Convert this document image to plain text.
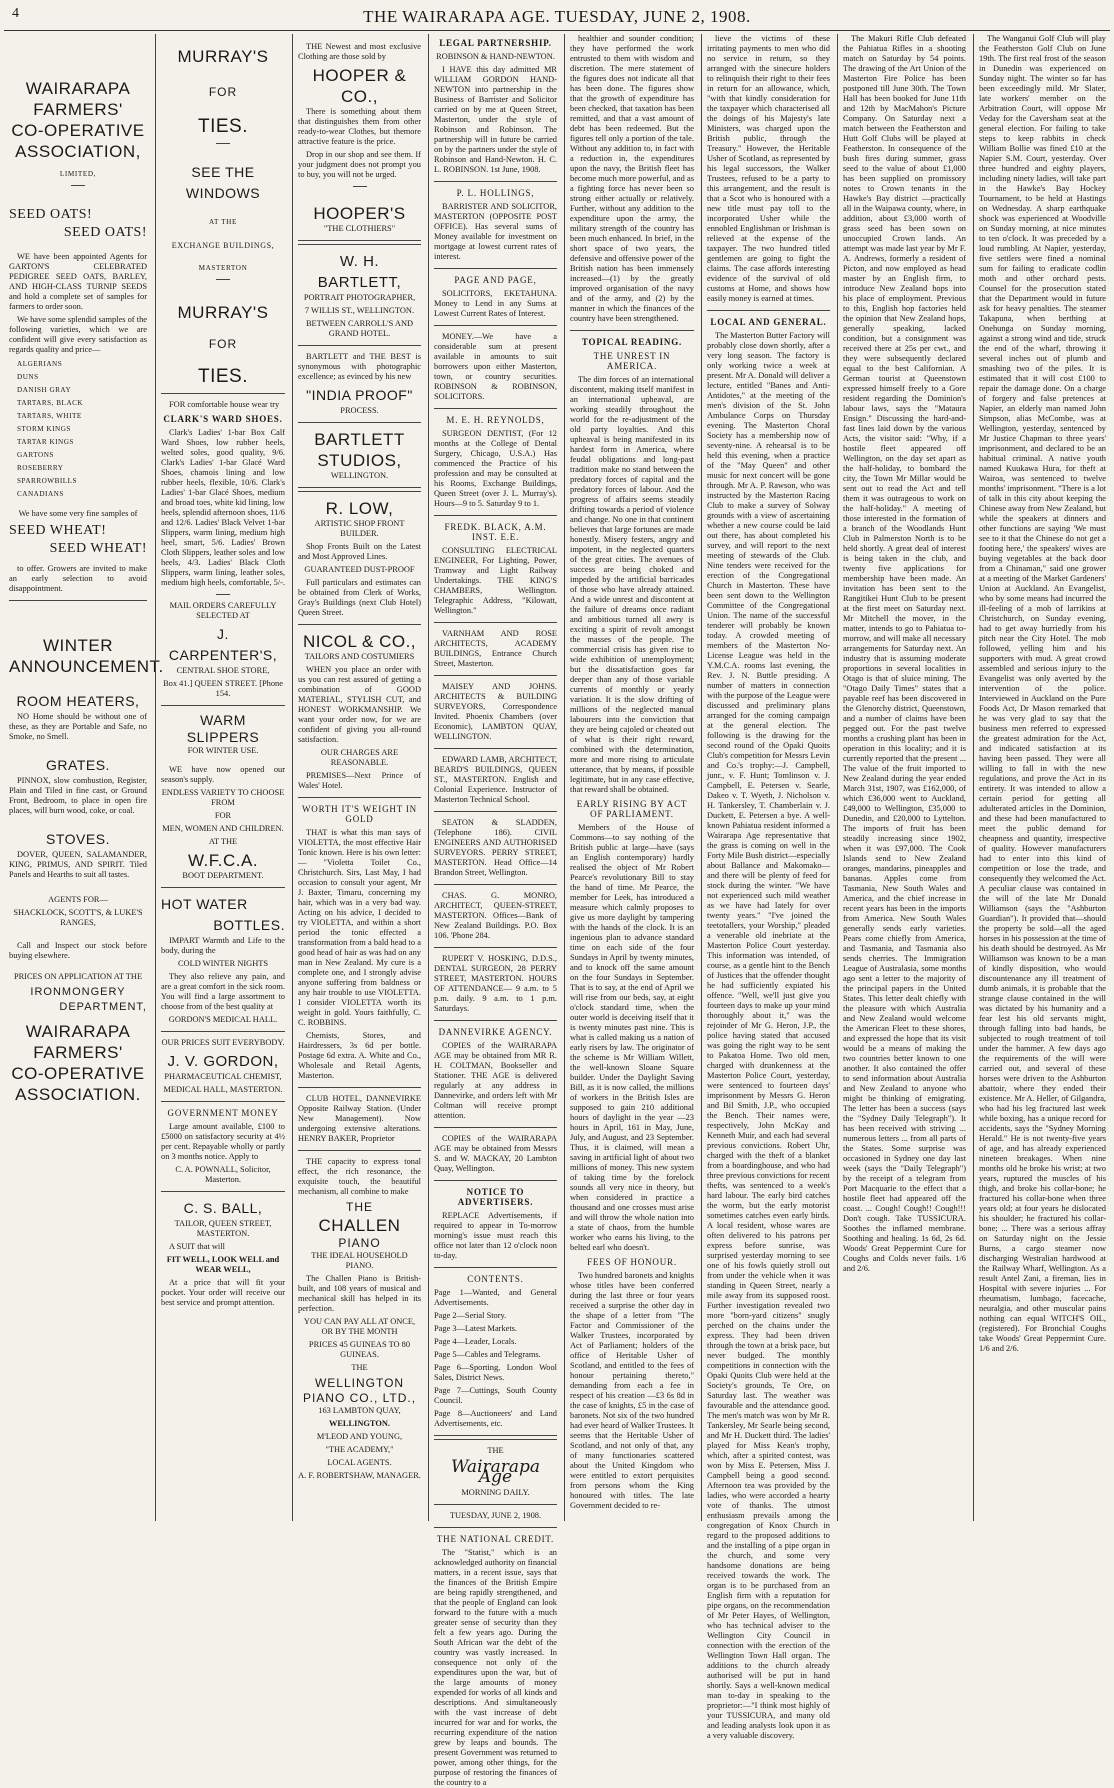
4	THE WAIRARAPA AGE. TUESDAY, JUNE 2, 1908.
WAIRARAPA
FARMERS'
CO-OPERATIVE
ASSOCIATION,
LIMITED,
SEED OATS!
SEED OATS!

WE have been appointed Agents for GARTON'S CELEBRATED PEDIGREE SEED OATS, BARLEY, AND HIGH-CLASS TURNIP SEEDS and hold a complete set of samples for farmers to order soon.

We have some splendid samples of the following varieties, which we are confident will give every satisfaction as regards quality and price—

ALGERIANS
DUNS
DANISH GRAY
TARTARS, BLACK
TARTARS, WHITE
STORM KINGS
TARTAR KINGS
GARTONS
ROSEBERRY
SPARROWBILLS
CANADIANS

We have some very fine samples of

SEED WHEAT!
SEED WHEAT!

to offer. Growers are invited to make an early selection to avoid disappointment.

WINTER
ANNOUNCEMENT.
ROOM HEATERS,

NO Home should be without one of these, as they are Portable and Safe, no Smoke, no Smell.

GRATES.

PINNOX, slow combustion, Register, Plain and Tiled in fine cast, or Ground Front, Bedroom, to place in open fire places, will burn wood, coke, or coal.

STOVES.

DOVER, QUEEN, SALAMANDER, KING, PRIMUS, AND SPIRIT. Tiled Panels and Hearths to suit all tastes.

AGENTS FOR—

SHACKLOCK, SCOTT'S, & LUKE'S RANGES,

Call and Inspect our stock before buying elsewhere.

PRICES ON APPLICATION AT THE

IRONMONGERY
DEPARTMENT,
WAIRARAPA
FARMERS'
CO-OPERATIVE
ASSOCIATION.
MURRAY'S
FOR
TIES.
SEE THE WINDOWS
AT THE
EXCHANGE BUILDINGS,
MASTERTON
MURRAY'S
FOR
TIES.

FOR comfortable house wear try

CLARK'S WARD SHOES.

Clark's Ladies' 1-bar Box Calf Ward Shoes, low rubber heels, welted soles, good quality, 9/6. Clark's Ladies' 1-bar Glacé Ward Shoes, chamois lining and low rubber heels, flexible, 10/6. Clark's Ladies' 1-bar Glacé Shoes, medium and broad toes, white kid lining, low heels, splendid afternoon shoes, 11/6 and 12/6. Ladies' Black Velvet 1-bar Slippers, warm lining, medium high heel, smart, 5/6. Ladies' Brown Cloth Slippers, leather soles and low heels, 4/3. Ladies' Black Cloth Slippers, warm lining, leather soles, medium high heels, comfortable, 5/-.

MAIL ORDERS CAREFULLY SELECTED AT

J. CARPENTER'S,

CENTRAL SHOE STORE,

Box 41.] QUEEN STREET. [Phone 154.

WARM
SLIPPERS

FOR WINTER USE.

WE have now opened our season's supply.

ENDLESS VARIETY TO CHOOSE FROM

FOR

MEN, WOMEN AND CHILDREN.

AT THE

W.F.C.A.

BOOT DEPARTMENT.

HOT WATER
BOTTLES.

IMPART Warmth and Life to the body, during the

COLD WINTER NIGHTS

They also relieve any pain, and are a great comfort in the sick room. You will find a large assortment to choose from of the best quality at

GORDON'S MEDICAL HALL.

OUR PRICES SUIT EVERYBODY.

J. V. GORDON,

PHARMACEUTICAL CHEMIST,

MEDICAL HALL, MASTERTON.

GOVERNMENT MONEY

Large amount available, £100 to £5000 on satisfactory security at 4½ per cent. Repayable wholly or partly on 3 months notice. Apply to

C. A. POWNALL, Solicitor, Masterton.

C. S. BALL,

TAILOR, QUEEN STREET, MASTERTON.

A SUIT that will

FIT WELL, LOOK WELL and WEAR WELL,

At a price that will fit your pocket. Your order will receive our best service and prompt attention.

THE Newest and most exclusive Clothing are those sold by

HOOPER & CO.,

There is something about them that distinguishes them from other ready-to-wear Clothes, but themore attractive feature is the price.

Drop in our shop and see them. If your judgment does not prompt you to buy, you will not be urged.

HOOPER'S

"THE CLOTHIERS"

W. H. BARTLETT,

PORTRAIT PHOTOGRAPHER,

7 WILLIS ST., WELLINGTON.

BETWEEN CARROLL'S AND GRAND HOTEL.

BARTLETT and THE BEST is synonymous with photographic excellence; as evinced by his new

"INDIA PROOF"

PROCESS.

BARTLETT
STUDIOS,

WELLINGTON.

R. LOW,

ARTISTIC SHOP FRONT BUILDER.

Shop Fronts Built on the Latest and Most Approved Lines.

GUARANTEED DUST-PROOF

Full particulars and estimates can be obtained from Clerk of Works, Gray's Buildings (next Club Hotel) Queen Street.

NICOL & CO.,

TAILORS AND COSTUMIERS

WHEN you place an order with us you can rest assured of getting a combination of GOOD MATERIAL, STYLISH CUT, and HONEST WORKMANSHIP. We want your order now, for we are confident of giving you all-round satisfaction.

OUR CHARGES ARE REASONABLE.

PREMISES—Next Prince of Wales' Hotel.

WORTH IT'S WEIGHT IN GOLD

THAT is what this man says of VIOLETTA, the most effective Hair Tonic known. Here is his own letter:— "Violetta Toilet Co., Christchurch. Sirs, Last May, I had occasion to consult your agent, Mr J. Baxter, Timaru, concerning my hair, which was in a very bad way. Acting on his advice, I decided to try VIOLETTA, and within a short period the tonic effected a transformation from a bald head to a good head of hair as was had on any man in New Zealand. My cure is a complete one, and I strongly advise anyone suffering from baldness or any hair trouble to use VIOLETTA. I consider VIOLETTA worth its weight in gold. Yours faithfully, C. C. ROBBINS.

Chemists, Stores, and Hairdressers, 3s 6d per bottle. Postage 6d extra. A. White and Co., Wholesale and Retail Agents, Masterton.

CLUB HOTEL, DANNEVIRKE Opposite Railway Station. (Under New Management). Now undergoing extensive alterations. HENRY BAKER, Proprietor

THE capacity to express tonal effect, the rich resonance, the exquisite touch, the beautiful mechanism, all combine to make

THE
CHALLEN
PIANO

THE IDEAL HOUSEHOLD PIANO.

The Challen Piano is British-built, and 108 years of musical and mechanical skill has helped in its perfection.

YOU CAN PAY ALL AT ONCE, OR BY THE MONTH

PRICES 45 GUINEAS TO 80 GUINEAS.

THE

WELLINGTON PIANO CO., LTD.,

163 LAMBTON QUAY,

WELLINGTON.

M'LEOD AND YOUNG,

"THE ACADEMY,"

LOCAL AGENTS.

A. F. ROBERTSHAW, MANAGER.

LEGAL PARTNERSHIP.

ROBINSON & HAND-NEWTON.

I HAVE this day admitted MR WILLIAM GORDON HAND-NEWTON into partnership in the Business of Barrister and Solicitor carried on by me at Queen Street, Masterton, under the style of Robinson and Robinson. The partnership will in future be carried on by the partners under the style of Robinson and Hand-Newton. H. C. L. ROBINSON. 1st June, 1908.

P. L. HOLLINGS,

BARRISTER AND SOLICITOR, MASTERTON (OPPOSITE POST OFFICE). Has several sums of Money available for investment on mortgage at lowest current rates of interest.

PAGE AND PAGE,

SOLICITORS, EKETAHUNA. Money to Lend in any Sums at Lowest Current Rates of Interest.

MONEY.—We have a considerable sum at present available in amounts to suit borrowers upon either Masterton, town, or country securities. ROBINSON & ROBINSON, SOLICITORS.

M. E. H. REYNOLDS,

SURGEON DENTIST, (For 12 months at the College of Dental Surgery, Chicago, U.S.A.) Has commenced the Practice of his profession and may be consulted at his Rooms, Exchange Buildings, Queen Street (over J. L. Murray's). Hours—9 to 5. Saturday 9 to 1.

FREDK. BLACK, A.M. INST. E.E.

CONSULTING ELECTRICAL ENGINEER, For Lighting, Power, Tramway and Light Railway Undertakings. THE KING'S CHAMBERS, Wellington. Telegraphic Address, "Kilowatt, Wellington."

VARNHAM AND ROSE ARCHITECTS, ACADEMY BUILDINGS, Entrance Church Street, Masterton.

MAISEY AND JOHNS. ARCHITECTS & BUILDING SURVEYORS, Correspondence Invited. Phoenix Chambers (over Economic), LAMBTON QUAY, WELLINGTON.

EDWARD LAMB, ARCHITECT, BEARD'S BUILDINGS, QUEEN ST., MASTERTON. English and Colonial Experience. Instructor of Masterton Technical School.

SEATON & SLADDEN, (Telephone 186). CIVIL ENGINEERS AND AUTHORISED SURVEYORS. PERRY STREET, MASTERTON. Head Office—14 Brandon Street, Wellington.

CHAS. G. MONRO, ARCHITECT, QUEEN-STREET, MASTERTON. Offices—Bank of New Zealand Buildings. P.O. Box 106. 'Phone 284.

RUPERT V. HOSKING, D.D.S., DENTAL SURGEON, 28 PERRY STREET, MASTERTON. HOURS OF ATTENDANCE— 9 a.m. to 5 p.m. daily. 9 a.m. to 1 p.m. Saturdays.

DANNEVIRKE AGENCY.

COPIES of the WAIRARAPA AGE may be obtained from MR R. H. COLTMAN, Bookseller and Stationer. THE AGE is delivered regularly at any address in Dannevirke, and orders left with Mr Coltman will receive prompt attention.

COPIES of the WAIRARAPA AGE may be obtained from Messrs S. and W. MACKAY, 20 Lambton Quay, Wellington.

NOTICE TO ADVERTISERS.

REPLACE Advertisements, if required to appear in To-morrow morning's issue must reach this office not later than 12 o'clock noon to-day.

CONTENTS.

Page 1—Wanted, and General Advertisements.

Page 2—Serial Story.

Page 3—Latest Markets.

Page 4—Leader, Locals.

Page 5—Cables and Telegrams.

Page 6—Sporting, London Wool Sales, District News.

Page 7—Cuttings, South County Council.

Page 8—Auctioneers' and Land Advertisements, etc.

THE

Wairarapa Age

MORNING DAILY.

TUESDAY, JUNE 2, 1908.

THE NATIONAL CREDIT.

The "Statist," which is an acknowledged authority on financial matters, in a recent issue, says that the finances of the British Empire are being rapidly strengthened, and that the people of England can look forward to the future with a much greater sense of security than they felt a few years ago. During the South African war the debt of the country was vastly increased. In consequence not only of the expenditures upon the war, but of the large amounts of money expended for works of all kinds and descriptions. And simultaneously with the vast increase of debt incurred for war and for works, the recurring expenditure of the nation grew by leaps and bounds. The present Government was returned to power, among other things, for the purpose of restoring the finances of the country to a

healthier and sounder condition; they have performed the work entrusted to them with wisdom and discretion. The mere statement of the figures does not indicate all that has been done. The figures show that the growth of expenditure has been checked, that taxation has been remitted, and that a vast amount of debt has been redeemed. But the figures tell only a portion of the tale. Without any addition to, in fact with a reduction in, the expenditures upon the navy, the British fleet has become much more powerful, and as a fighting force has never been so strong either actually or relatively. Further, without any addition to the expenditure upon the army, the military strength of the country has been much enhanced. In brief, in the short space of two years, the defensive and offensive power of the British nation has been immensely increased—(1) by the greatly improved organisation of the navy and of the army, and (2) by the manner in which the finances of the country have been strengthened.

TOPICAL READING.
THE UNREST IN AMERICA.

The dim forces of an international discontent, making itself manifest in an international upheaval, are working steadily throughout the world for the re-adjustment of the old party loyalties. And this upheaval is being manifested in its hardest form in America, where feudal obligations and long-past tradition make no stand between the predatory forces of capital and the predatory forces of labour. And the progress of affairs seems steadily drifting towards a period of violence and change. No one in that continent believes that large fortunes are made honestly. Misery festers, angry and impotent, in the neglected quarters of the great cities. The avenues of success are being choked and impeded by the artificial barricades of those who have already attained. And a wide unrest and discontent at the failure of dreams once radiant and ambitious turned all awry is exciting a spirit of revolt amongst the masses of the people. The commercial crisis has given rise to wide exhibition of unemployment; but the dissatisfaction goes far deeper than any of those variable currents of monthly or yearly variation. It is the slow drifting of millions of the neglected manual labourers into the conviction that they are being cajoled or cheated out of what is their right reward, combined with the determination, more and more rising to articulate utterance, that by means, if possible legitimate, but in any case effective, that reward shall be obtained.

EARLY RISING BY ACT OF PARLIAMENT.

Members of the House of Commons—to say nothing of the British public at large—have (says an English contemporary) hardly realised the object of Mr Robert Pearce's revolutionary Bill to stay the hand of time. Mr Pearce, the member for Leek, has introduced a measure which calmly proposes to give us more daylight by tampering with the hands of the clock. It is an ingenious plan to advance standard time on each side of the four Sundays in April by twenty minutes, and to knock off the same amount on the four Sundays in September. That is to say, at the end of April we will rise from our beds, say, at eight o'clock standard time, when the outer world is deceiving itself that it is twenty minutes past nine. This is what is called making us a nation of early risers by law. The originator of the scheme is Mr William Willett, the well-known Sloane Square builder. Under the Daylight Saving Bill, as it is now called, the millions of workers in the British Isles are supposed to gain 210 additional hours of daylight in the year —23 hours in April, 161 in May, June, July, and August, and 23 September. Thus, it is claimed, will mean a saving in artificial light of about two millions of money. This new system of taking time by the forelock sounds all very nice in theory, but when considered in practice a thousand and one crosses must arise and will throw the whole nation into a state of chaos, from the humble worker who earns his living, to the belted earl who doesn't.

FEES OF HONOUR.

Two hundred baronets and knights whose titles have been conferred during the last three or four years received a surprise the other day in the shape of a letter from "The Factor and Commissioner of the Walker Trustees, incorporated by Act of Parliament; holders of the office of Heritable Usher of Scotland, and entitled to the fees of honour pertaining thereto," demanding from each a fee in respect of his creation —£3 6s 8d in the case of knights, £5 in the case of baronets. Not six of the two hundred had ever heard of Walker Trustees. It seems that the Heritable Usher of Scotland, and not only of that, any of many functionaries scattered about the United Kingdom who were entitled to extort perquisites from persons whom the King honoured with titles. The late Government decided to re-

lieve the victims of these irritating payments to men who did no service in return, so they arranged with the sinecure holders to relinquish their right to their fees in return for an allowance, which, "with that kindly consideration for the taxpayer which characterised all the doings of his Majesty's late Ministers, was charged upon the British public, through the Treasury." However, the Heritable Usher of Scotland, as represented by his legal successors, the Walker Trustees, refused to be a party to this arrangement, and the result is that a Scot who is honoured with a new title must pay toll to the incorporated Usher while the ennobled Englishman or Irishman is relieved at the expense of the taxpayer. The two hundred titled gentlemen are going to fight the claims. The case affords interesting evidence of the survival of old customs at Home, and shows how easily money is earned at times.

LOCAL AND GENERAL.

The Masterton Butter Factory will probably close down shortly, after a very long season. The factory is only working twice a week at present. Mr A. Donald will deliver a lecture, entitled "Banes and Anti-Antidotes," at the meeting of the men's division of the St. John Ambulance Corps on Thursday evening. The Masterton Choral Society has a membership now of seventy-nine. A rehearsal is to be held this evening, when a practice of the "May Queen" and other music for next concert will be gone through. Mr A. P. Rawson, who was instructed by the Masterton Racing Club to make a survey of Solway grounds with a view of ascertaining whether a new course could be laid out there, has about completed his survey, and will report to the next meeting of stewards of the Club. Nine tenders were received for the erection of the Congregational Church in Masterton. These have been sent down to the Wellington Committee of the Congregational Union. The name of the successful tenderer will probably be known today. A crowded meeting of members of the Masterton No-License League was held in the Y.M.C.A. rooms last evening, the Rev. J. N. Buttle presiding. A number of matters in connection with the purpose of the League were discussed and preliminary plans arranged for the coming campaign at the general election. The following is the drawing for the second round of the Opaki Quoits Club's competition for Messrs Levin and Co.'s trophy:—J. Campbell, junr., v. F. Hunt; Tomlinson v. J. Campbell, E. Petersen v. Searle, Dakeo v. T. Wyeth, J. Nicholson v. H. Tankersley, T. Chamberlain v. J. Duckett, E. Petersen a bye. A well-known Pahiatua resident informed a Wairarapa Age representative that the grass is coming on well in the Forty Mile Bush district—especially about Ballance and Makomako—and there will be plenty of feed for stock during the winter. "We have not experienced such mild weather as we have had lately for over twenty years." "I've joined the teetotallers, your Worship," pleaded a venerable old inebriate at the Masterton Police Court yesterday. This information was intended, of course, as a gentle hint to the Bench of Justices that the offender thought he had sufficiently expiated his offence. "Well, we'll just give you fourteen days to make up your mind thoroughly about it," was the rejoinder of Mr G. Heron, J.P., the police having stated that accused was going the right way to be sent to Pakatoa Home. Two old men, charged with drunkenness at the Masterton Police Court, yesterday, were sentenced to fourteen days' imprisonment by Messrs G. Heron and Bil Smith, J.P., who occupied the Bench. Their names were, respectively, John McKay and Kenneth Muir, and each had several previous convictions. Robert Uhr, charged with the theft of a blanket from a boardinghouse, and who had three previous convictions for recent thefts, was sentenced to a week's hard labour. The early bird catches the worm, but the early motorist sometimes catches even early birds. A local resident, whose wares are often delivered to his patrons per express before sunrise, was surprised yesterday morning to see one of his fowls quietly stroll out from under the vehicle when it was standing in Queen Street, nearly a mile away from its supposed roost. Further investigation revealed two more "born-yard citizens" snugly perched on the chains under the express. They had been driven through the town at a brisk pace, but never budged. The monthly competitions in connection with the Opaki Quoits Club were held at the Society's grounds, Te Ore, on Saturday last. The weather was favourable and the attendance good. The men's match was won by Mr R. Tankersley, Mr Searle being second, and Mr H. Duckett third. The ladies' played for Miss Kean's trophy, which, after a spirited contest, was won by Miss E. Petersen, Miss J. Campbell being a good second. Afternoon tea was provided by the ladies, who were accorded a hearty vote of thanks. The utmost enthusiasm prevails among the congregation of Knox Church in regard to the proposed additions to and the installing of a pipe organ in the church, and some very handsome donations are being received towards the work. The organ is to be purchased from an English firm with a reputation for pipe organs, on the recommendation of Mr Peter Hayes, of Wellington, who has technical adviser to the Wellington City Council in connection with the erection of the Wellington Town Hall organ. The additions to the church already authorised will be put in hand shortly. Says a well-known medical man to-day in speaking to the proprietor:—"I think most highly of your TUSSICURA, and many old and leading analysts look upon it as a very valuable discovery.

The Makuri Rifle Club defeated the Pahiatua Rifles in a shooting match on Saturday by 54 points. The drawing of the Art Union of the Masterton Fire Police has been postponed till June 30th. The Town Hall has been booked for June 11th and 12th by MacMahon's Picture Company. On Saturday next a match between the Featherston and Hutt Golf Clubs will be played at Featherston. In consequence of the bush fires during summer, grass seed to the value of about £1,000 has been supplied on promissory notes to Crown tenants in the Hawke's Bay district —practically all in the Waipawa county, where, in addition, about £3,000 worth of grass seed has been sown on unoccupied Crown lands. An attempt was made last year by Mr F. A. Andrews, formerly a resident of Picton, and now employed as head master by an English firm, to introduce New Zealand hops into his place of employment. Previous to this, English hop factories held the opinion that New Zealand hops, generally speaking, lacked condition, but a consignment was received there at 25s per cwt., and they were subsequently declared equal to the best Californian. A German tourist at Queenstown expressed himself freely to a Gore resident regarding the Dominion's labour laws, says the "Mataura Ensign." Discussing the hard-and-fast lines laid down by the various Acts, the visitor said: "Why, if a hostile fleet appeared off Wellington, on the day set apart as the half-holiday, to bombard the city, the Town Mr Millar would be sent out to read the Act and tell them it was outrageous to work on the half-holiday." A meeting of those interested in the formation of a branch of the Woodlands Hunt Club in Palmerston North is to be held shortly. A great deal of interest is being taken in the club, and twenty five applications for membership have been made. An invitation has been sent to the Rangitikei Hunt Club to be present at the first meet on Saturday next. Mr Mitchell the mover, in the matter, intends to go to Pahiatua to-morrow, and will make all necessary arrangements for Saturday next. An industry that is assuming moderate proportions in several localities in Otago is that of sluice mining. The "Otago Daily Times" states that a payable reef has been discovered in the Glenorchy district, Queenstown, and a number of claims have been pegged out. For the past twelve months a crushing plant has been in operation in this locality; and it is currently reported that the present ... The value of the fruit imported to New Zealand during the year ended March 31st, 1907, was £162,000, of which £36,000 went to Auckland, £49,000 to Wellington, £35,000 to Dunedin, and £20,000 to Lyttelton. The imports of fruit has been steadily increasing since 1902, when it was £97,000. The Cook Islands send to New Zealand oranges, mandarins, pineapples and bananas. Apples come from Tasmania, New South Wales and America, and the chief increase in recent years has been in the imports from America. New South Wales generally sends early varieties. Pears come chiefly from America, and Tasmania, and Tasmania also sends cherries. The Immigration League of Australasia, some months ago sent a letter to the majority of the principal papers in the United States. This letter dealt chiefly with the pleasure with which Australia and New Zealand would welcome the American Fleet to these shores, and expressed the hope that its visit would be a means of making the two countries better known to one another. It also contained the offer to send information about Australia and New Zealand to anyone who might be thinking of emigrating. The letter has been a success (says the "Sydney Daily Telegraph"). It has been received with striving ... numerous letters ... from all parts of the States. Some surprise was occasioned in Sydney one day last week (says the "Daily Telegraph") by the receipt of a telegram from Port Macquarie to the effect that a hostile fleet had appeared off the coast. ... Cough! Cough!! Cough!!! Don't cough. Take TUSSICURA. Soothes the inflamed membrane. Soothing and healing. 1s 6d, 2s 6d. Woods' Great Peppermint Cure for Coughs and Colds never fails. 1/6 and 2/6.

The Wanganui Golf Club will play the Featherston Golf Club on June 19th. The first real frost of the season in Dunedin was experienced on Sunday night. The winter so far has been exceedingly mild. Mr Slater, late workers' member on the Arbitration Court, will oppose Mr Veday for the Caversham seat at the general election. For failing to take steps to keep rabbits in check William Bollie was fined £10 at the Napier S.M. Court, yesterday. Over three hundred and eighty players, including ninety ladies, will take part in the Hawke's Bay Hockey Tournament, to be held at Hastings on Wednesday. A sharp earthquake shock was experienced at Woodville on Sunday morning, at nice minutes to ten o'clock. It was preceded by a loud rumbling. At Napier, yesterday, five settlers were fined a nominal sum for failing to eradicate codlin moth and other orchard pests. Counsel for the prosecution stated that the Department would in future ask for heavy penalties. The steamer Takapuna, when berthing at Onehunga on Sunday morning, against a strong wind and tide, struck the end of the wharf, throwing it several inches out of plumb and smashing two of the piles. It is estimated that it will cost £100 to repair the damage done. On a charge of forgery and false pretences at Napier, an elderly man named John Simpson, alias McCombe, was at Wellington, yesterday, sentenced by Mr Justice Chapman to three years' imprisonment, and declared to be an habitual criminal. A native youth named Kuukawa Hura, for theft at Wairoa, was sentenced to twelve months' imprisonment. "There is a lot of talk in this city about keeping the Chinese away from New Zealand, but while the speakers at dinners and other functions are saying 'We must see to it that the Chinese do not get a footing here,' the speakers' wives are buying vegetables at the back door from a Chinaman," said one grower at a meeting of the Market Gardeners' Union at Auckland. An Evangelist, who by some means had incurred the ill-feeling of a mob of larrikins at Christchurch, on Sunday evening, had to get away hurriedly from his pitch near the City Hotel. The mob followed, yelling him and his supporters with mud. A great crowd assembled and serious injury to the Evangelist was only averted by the intervention of the police. Interviewed in Auckland on the Pure Foods Act, Dr Mason remarked that he was very glad to say that the business men referred to expressed the greatest admiration for the Act, and indicated satisfaction at its having been passed. They were all willing to fall in with the new regulations, and prove the Act in its entirety. It was intended to allow a certain period for getting all adulterated articles in the Dominion, and these had been manufactured to meet the public demand for cheapness and quantity, irrespective of quality. However manufacturers had to enter into this kind of competition or lose the trade, and consequently they welcomed the Act. A peculiar clause was contained in the will of the late Mr Donald Williamson (says the "Ashburton Guardian"). It provided that—should the property be sold—all the aged horses in his possession at the time of his death should be destroyed. As Mr Williamson was known to be a man of kindly disposition, who would discountenance any ill treatment of dumb animals, it is probable that the strange clause contained in the will was dictated by his humanity and a fear lest his old servants might, through falling into bad hands, be subjected to rough treatment of toil under the hammer. A few days ago the requirements of the will were carried out, and several of these horses were driven to the Ashburton abattoir, where they ended their existence. Mr A. Heller, of Gilgandra, who had his leg fractured last week while boxing, has a unique record for accidents, says the "Sydney Morning Herald." He is not twenty-five years of age, and has already experienced nineteen breakages. When nine months old he broke his wrist; at two years, ruptured the muscles of his thigh, and broke his collar-bone; he fractured his collar-bone when three years old; at four years he dislocated his shoulder; he fractured his collar-bone; ... There was a serious affray on Saturday night on the Jessie Burns, a cargo steamer now discharging Westralian hardwood at the Railway Wharf, Wellington. As a result Antel Zani, a fireman, lies in Hospital with severe injuries ... For rheumatism, lumbago, facecache, neuralgia, and other muscular pains nothing can equal WITCH'S OIL, (registered). For Bronchial Coughs take Woods' Great Peppermint Cure. 1/6 and 2/6.
